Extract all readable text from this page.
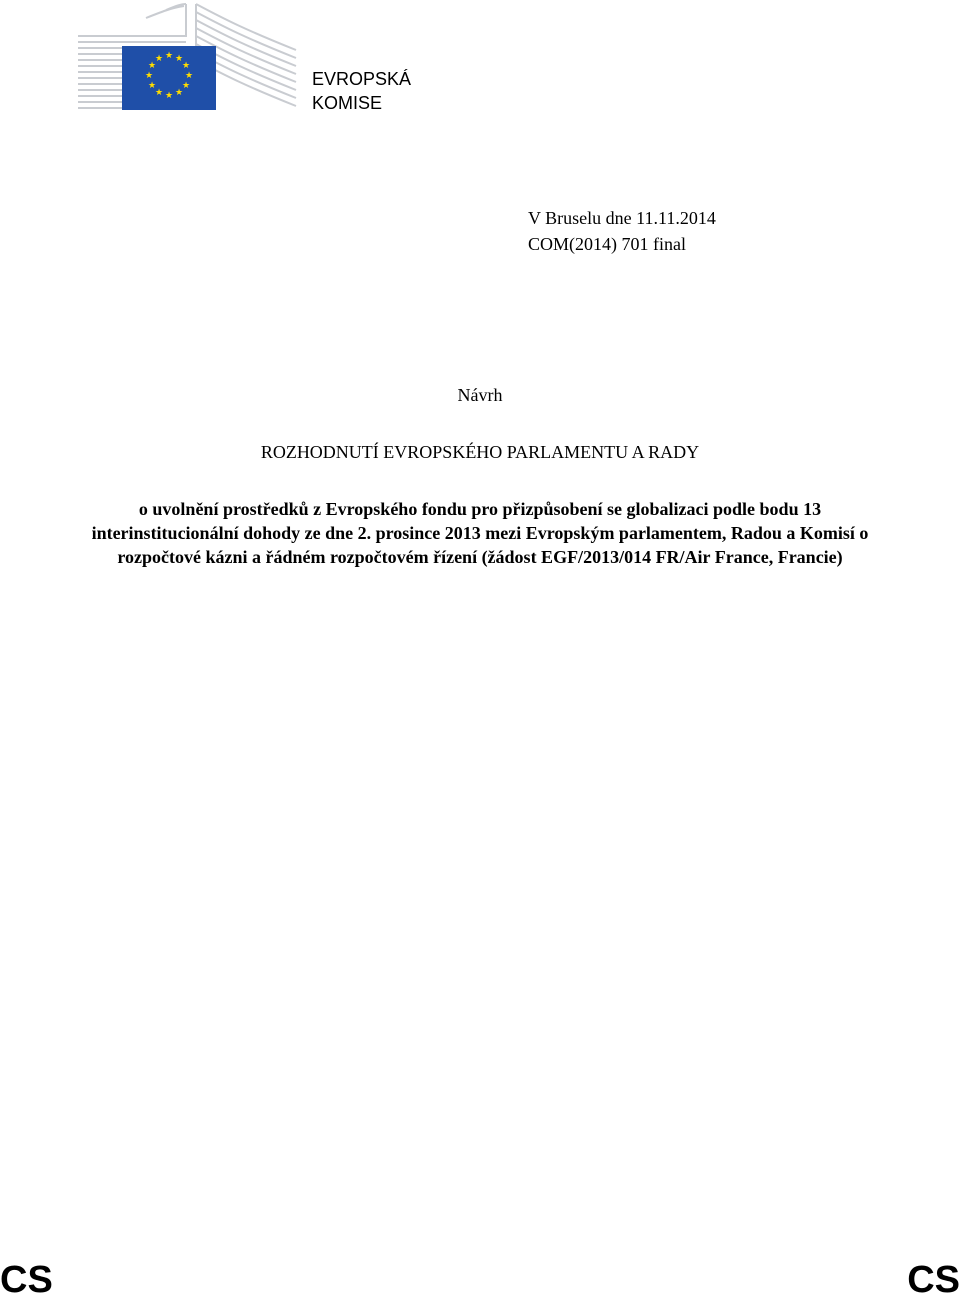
★ ★
★
★
★
★
★
★
★
★
★
★
EVROPSKÁ
KOMISE
V Bruselu dne 11.11.2014
COM(2014) 701 final
Návrh
ROZHODNUTÍ EVROPSKÉHO PARLAMENTU A RADY
o uvolnění prostředků z Evropského fondu pro přizpůsobení se globalizaci podle bodu 13 interinstitucionální dohody ze dne 2. prosince 2013 mezi Evropským parlamentem, Radou a Komisí o rozpočtové kázni a řádném rozpočtovém řízení (žádost EGF/2013/014 FR/Air France, Francie)
CS	CS
